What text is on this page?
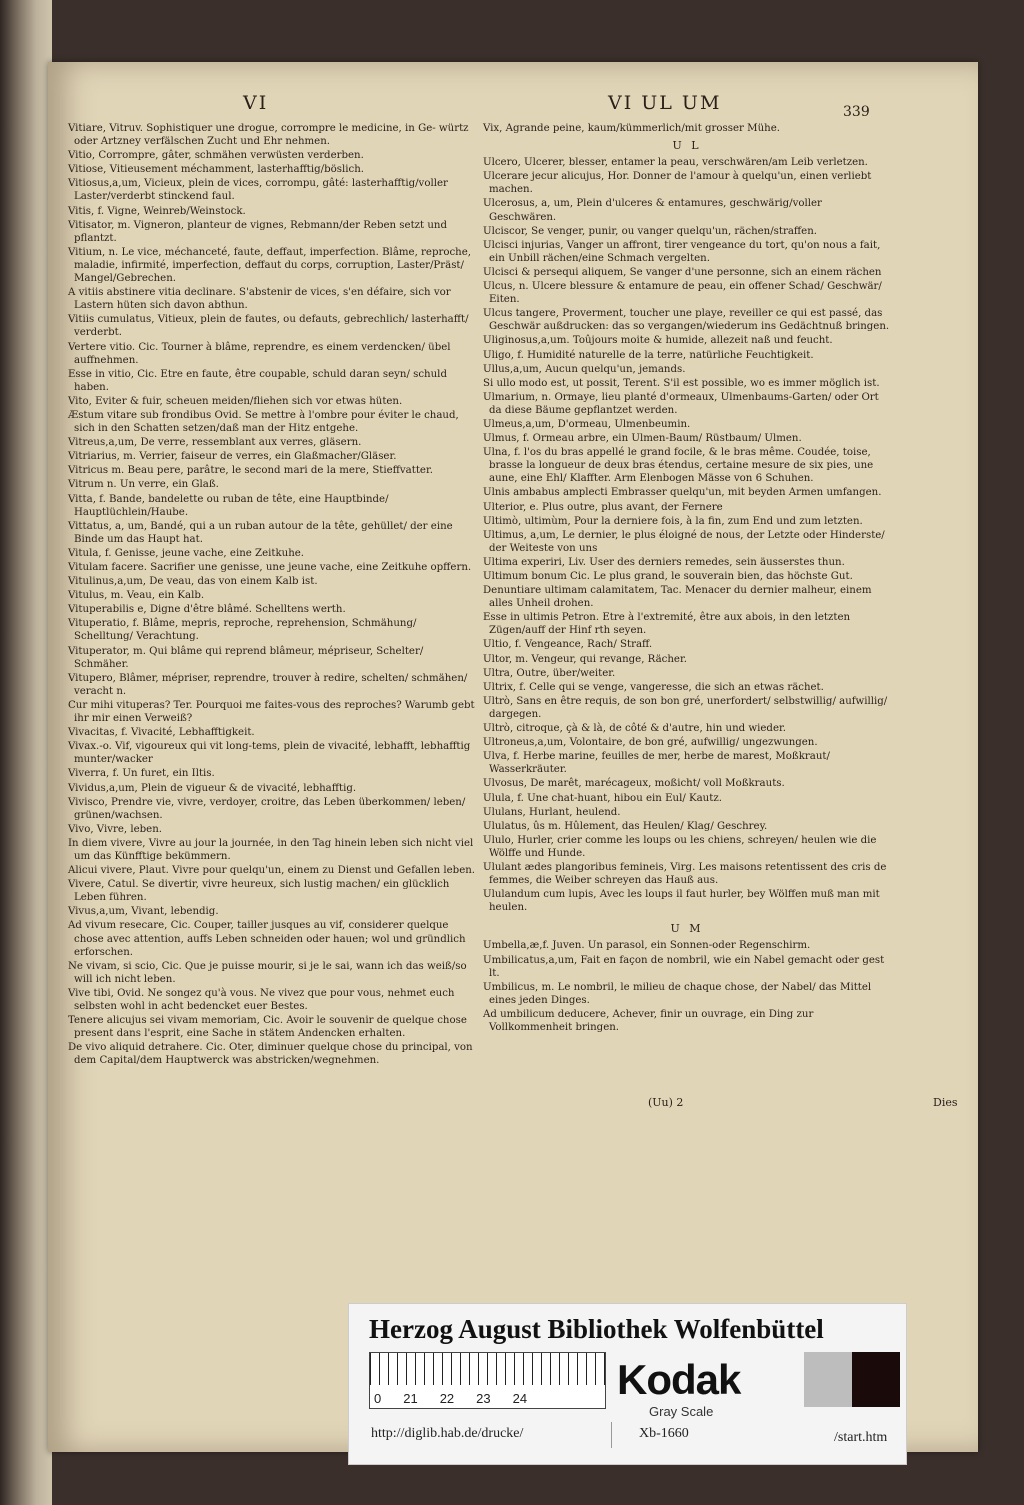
VI	VI UL UM	339
Vitiare, Vitruv. Sophistiquer une drogue, corrompre le medicine, in Ge- würtz oder Artzney verfälschen Zucht und Ehr nehmen.
Vitio, Corrompre, gâter, schmähen verwüsten verderben.
Vitiose, Vitieusement méchamment, lasterhafftig/böslich.
Vitiosus,a,um, Vicieux, plein de vices, corrompu, gâté: lasterhafftig/voller Laster/verderbt stinckend faul.
Vitis, f. Vigne, Weinreb/Weinstock.
Vitisator, m. Vigneron, planteur de vignes, Rebmann/der Reben setzt und pflantzt.
Vitium, n. Le vice, méchanceté, faute, deffaut, imperfection. Blâme, reproche, maladie, infirmité, imperfection, deffaut du corps, corruption, Laster/Präst/ Mangel/Gebrechen.
A vitiis abstinere vitia declinare. S'abstenir de vices, s'en défaire, sich vor Lastern hüten sich davon abthun.
Vitiis cumulatus, Vitieux, plein de fautes, ou defauts, gebrechlich/ lasterhafft/ verderbt.
Vertere vitio. Cic. Tourner à blâme, reprendre, es einem verdencken/ übel auffnehmen.
Esse in vitio, Cic. Etre en faute, être coupable, schuld daran seyn/ schuld haben.
Vito, Eviter & fuir, scheuen meiden/fliehen sich vor etwas hüten.
Æstum vitare sub frondibus Ovid. Se mettre à l'ombre pour éviter le chaud, sich in den Schatten setzen/daß man der Hitz entgehe.
Vitreus,a,um, De verre, ressemblant aux verres, gläsern.
Vitriarius, m. Verrier, faiseur de verres, ein Glaßmacher/Gläser.
Vitricus m. Beau pere, parâtre, le second mari de la mere, Stieffvatter.
Vitrum n. Un verre, ein Glaß.
Vitta, f. Bande, bandelette ou ruban de tête, eine Hauptbinde/ Hauptlüchlein/Haube.
Vittatus, a, um, Bandé, qui a un ruban autour de la tête, gehüllet/ der eine Binde um das Haupt hat.
Vitula, f. Genisse, jeune vache, eine Zeitkuhe.
Vitulam facere. Sacrifier une genisse, une jeune vache, eine Zeitkuhe opffern.
Vitulinus,a,um, De veau, das von einem Kalb ist.
Vitulus, m. Veau, ein Kalb.
Vituperabilis e, Digne d'être blâmé. Schelltens werth.
Vituperatio, f. Blâme, mepris, reproche, reprehension, Schmähung/ Schelltung/ Verachtung.
Vituperator, m. Qui blâme qui reprend blâmeur, mépriseur, Schelter/ Schmäher.
Vitupero, Blâmer, mépriser, reprendre, trouver à redire, schelten/ schmähen/ veracht n.
Cur mihi vituperas? Ter. Pourquoi me faites-vous des reproches? Warumb gebt ihr mir einen Verweiß?
Vivacitas, f. Vivacité, Lebhafftigkeit.
Vivax.-o. Vif, vigoureux qui vit long-tems, plein de vivacité, lebhafft, lebhafftig munter/wacker
Viverra, f. Un furet, ein Iltis.
Vividus,a,um, Plein de vigueur & de vivacité, lebhafftig.
Vivisco, Prendre vie, vivre, verdoyer, croitre, das Leben überkommen/ leben/ grünen/wachsen.
Vivo, Vivre, leben.
In diem vivere, Vivre au jour la journée, in den Tag hinein leben sich nicht viel um das Künfftige bekümmern.
Alicui vivere, Plaut. Vivre pour quelqu'un, einem zu Dienst und Gefallen leben.
Vivere, Catul. Se divertir, vivre heureux, sich lustig machen/ ein glücklich Leben führen.
Vivus,a,um, Vivant, lebendig.
Ad vivum resecare, Cic. Couper, tailler jusques au vif, considerer quelque chose avec attention, auffs Leben schneiden oder hauen; wol und gründlich erforschen.
Ne vivam, si scio, Cic. Que je puisse mourir, si je le sai, wann ich das weiß/so will ich nicht leben.
Vive tibi, Ovid. Ne songez qu'à vous. Ne vivez que pour vous, nehmet euch selbsten wohl in acht bedencket euer Bestes.
Tenere alicujus sei vivam memoriam, Cic. Avoir le souvenir de quelque chose present dans l'esprit, eine Sache in stätem Andencken erhalten.
De vivo aliquid detrahere. Cic. Oter, diminuer quelque chose du principal, von dem Capital/dem Hauptwerck was abstricken/wegnehmen.
Vix, Agrande peine, kaum/kümmerlich/mit grosser Mühe.
U L
Ulcero, Ulcerer, blesser, entamer la peau, verschwären/am Leib verletzen.
Ulcerare jecur alicujus, Hor. Donner de l'amour à quelqu'un, einen verliebt machen.
Ulcerosus, a, um, Plein d'ulceres & entamures, geschwärig/voller Geschwären.
Ulciscor, Se venger, punir, ou vanger quelqu'un, rächen/straffen.
Ulcisci injurias, Vanger un affront, tirer vengeance du tort, qu'on nous a fait, ein Unbill rächen/eine Schmach vergelten.
Ulcisci & persequi aliquem, Se vanger d'une personne, sich an einem rächen
Ulcus, n. Ulcere blessure & entamure de peau, ein offener Schad/ Geschwär/ Eiten.
Ulcus tangere, Proverment, toucher une playe, reveiller ce qui est passé, das Geschwär außdrucken: das so vergangen/wiederum ins Gedächtnuß bringen.
Uliginosus,a,um. Toûjours moite & humide, allezeit naß und feucht.
Uligo, f. Humidité naturelle de la terre, natürliche Feuchtigkeit.
Ullus,a,um, Aucun quelqu'un, jemands.
Si ullo modo est, ut possit, Terent. S'il est possible, wo es immer möglich ist.
Ulmarium, n. Ormaye, lieu planté d'ormeaux, Ulmenbaums-Garten/ oder Ort da diese Bäume gepflantzet werden.
Ulmeus,a,um, D'ormeau, Ulmenbeumin.
Ulmus, f. Ormeau arbre, ein Ulmen-Baum/ Rüstbaum/ Ulmen.
Ulna, f. l'os du bras appellé le grand focile, & le bras même. Coudée, toise, brasse la longueur de deux bras étendus, certaine mesure de six pies, une aune, eine Ehl/ Klaffter. Arm Elenbogen Mässe von 6 Schuhen.
Ulnis ambabus amplecti Embrasser quelqu'un, mit beyden Armen umfangen.
Ulterior, e. Plus outre, plus avant, der Fernere
Ultimò, ultimùm, Pour la derniere fois, à la fin, zum End und zum letzten.
Ultimus, a,um, Le dernier, le plus éloigné de nous, der Letzte oder Hinderste/ der Weiteste von uns
Ultima experiri, Liv. User des derniers remedes, sein äusserstes thun.
Ultimum bonum Cic. Le plus grand, le souverain bien, das höchste Gut.
Denuntiare ultimam calamitatem, Tac. Menacer du dernier malheur, einem alles Unheil drohen.
Esse in ultimis Petron. Etre à l'extremité, être aux abois, in den letzten Zügen/auff der Hinf rth seyen.
Ultio, f. Vengeance, Rach/ Straff.
Ultor, m. Vengeur, qui revange, Rächer.
Ultra, Outre, über/weiter.
Ultrix, f. Celle qui se venge, vangeresse, die sich an etwas rächet.
Ultrò, Sans en être requis, de son bon gré, unerfordert/ selbstwillig/ aufwillig/ dargegen.
Ultrò, citroque, çà & là, de côté & d'autre, hin und wieder.
Ultroneus,a,um, Volontaire, de bon gré, aufwillig/ ungezwungen.
Ulva, f. Herbe marine, feuilles de mer, herbe de marest, Moßkraut/ Wasserkräuter.
Ulvosus, De marêt, marécageux, moßicht/ voll Moßkrauts.
Ulula, f. Une chat-huant, hibou ein Eul/ Kautz.
Ululans, Hurlant, heulend.
Ululatus, ûs m. Hûlement, das Heulen/ Klag/ Geschrey.
Ululo, Hurler, crier comme les loups ou les chiens, schreyen/ heulen wie die Wölffe und Hunde.
Ululant ædes plangoribus femineis, Virg. Les maisons retentissent des cris de femmes, die Weiber schreyen das Hauß aus.
Ululandum cum lupis, Avec les loups il faut hurler, bey Wölffen muß man mit heulen.
U M
Umbella,æ,f. Juven. Un parasol, ein Sonnen-oder Regenschirm.
Umbilicatus,a,um, Fait en façon de nombril, wie ein Nabel gemacht oder gest lt.
Umbilicus, m. Le nombril, le milieu de chaque chose, der Nabel/ das Mittel eines jeden Dinges.
Ad umbilicum deducere, Achever, finir un ouvrage, ein Ding zur Vollkommenheit bringen.
(Uu) 2	Dies
Herzog August Bibliothek Wolfenbüttel
0 21 22 23 24	Kodak
Gray Scale
http://diglib.hab.de/drucke/	Xb-1660	/start.htm
